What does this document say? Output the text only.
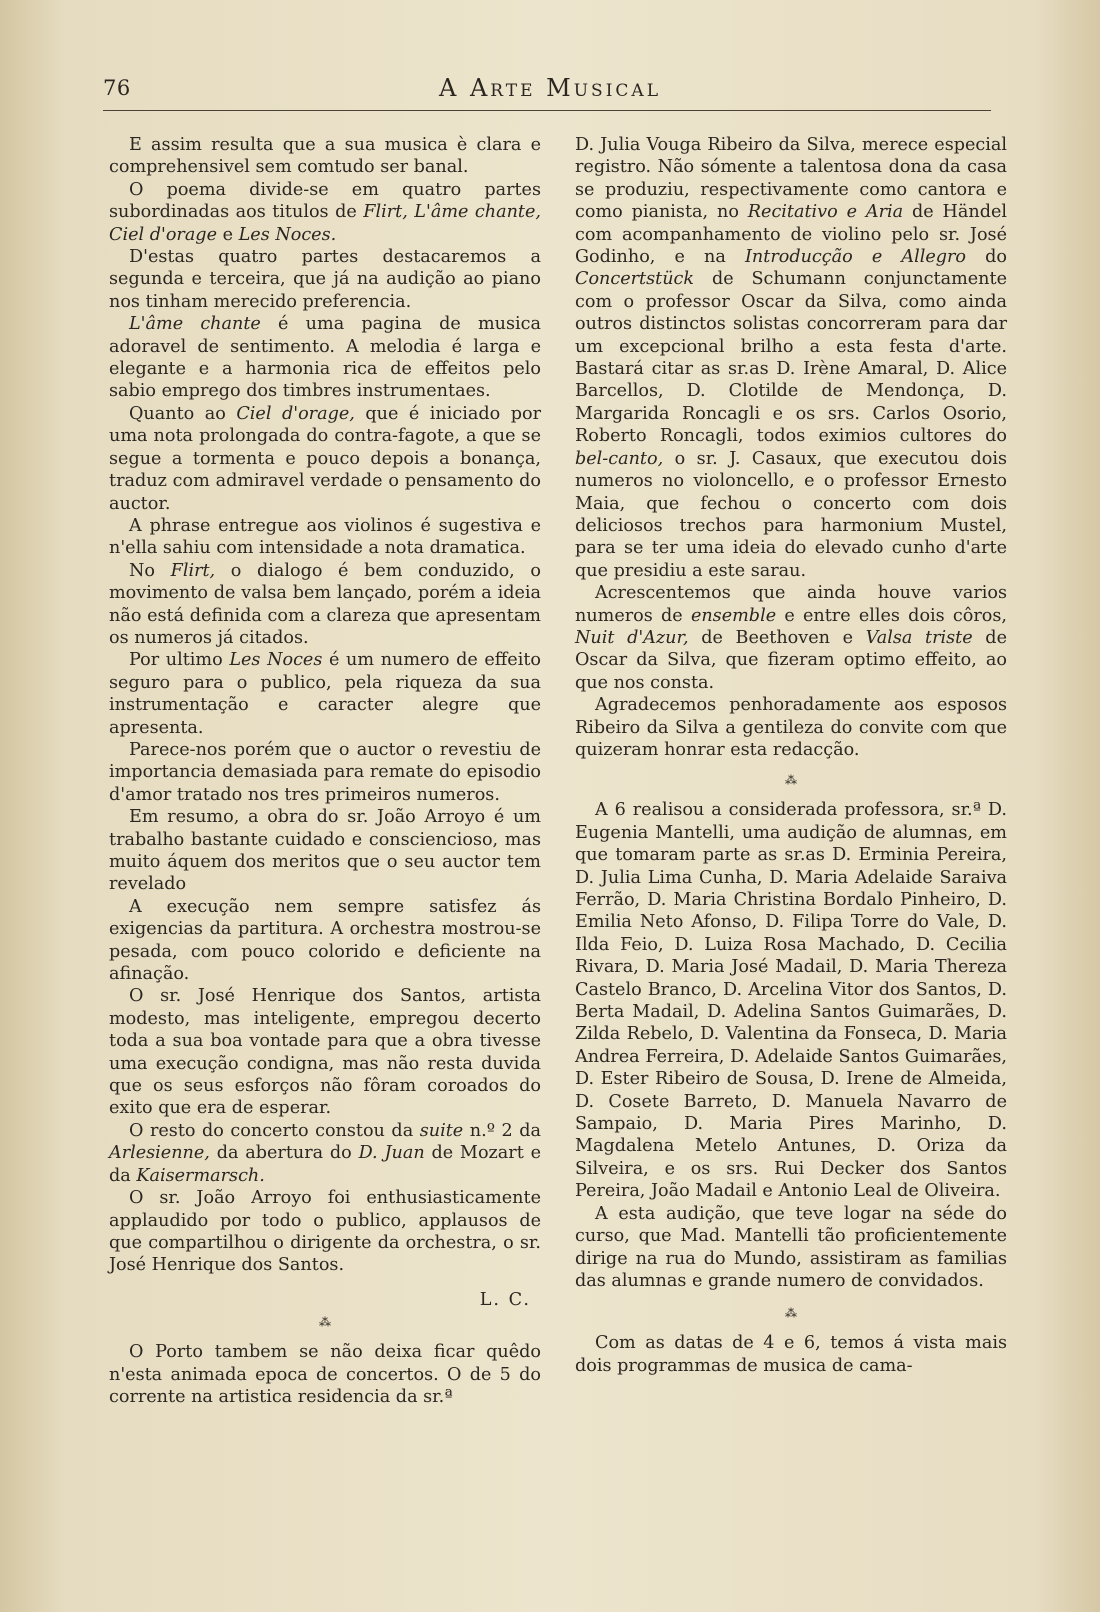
76	A Arte Musical

E assim resulta que a sua musica è clara e comprehensivel sem comtudo ser banal.

O poema divide-se em quatro partes subordinadas aos titulos de Flirt, L'âme chante, Ciel d'orage e Les Noces.

D'estas quatro partes destacaremos a segunda e terceira, que já na audição ao piano nos tinham merecido preferencia.

L'âme chante é uma pagina de musica adoravel de sentimento. A melodia é larga e elegante e a harmonia rica de effeitos pelo sabio emprego dos timbres instrumentaes.

Quanto ao Ciel d'orage, que é iniciado por uma nota prolongada do contra-fagote, a que se segue a tormenta e pouco depois a bonança, traduz com admiravel verdade o pensamento do auctor.

A phrase entregue aos violinos é sugestiva e n'ella sahiu com intensidade a nota dramatica.

No Flirt, o dialogo é bem conduzido, o movimento de valsa bem lançado, porém a ideia não está definida com a clareza que apresentam os numeros já citados.

Por ultimo Les Noces é um numero de effeito seguro para o publico, pela riqueza da sua instrumentação e caracter alegre que apresenta.

Parece-nos porém que o auctor o revestiu de importancia demasiada para remate do episodio d'amor tratado nos tres primeiros numeros.

Em resumo, a obra do sr. João Arroyo é um trabalho bastante cuidado e consciencioso, mas muito áquem dos meritos que o seu auctor tem revelado

A execução nem sempre satisfez ás exigencias da partitura. A orchestra mostrou-se pesada, com pouco colorido e deficiente na afinação.

O sr. José Henrique dos Santos, artista modesto, mas inteligente, empregou decerto toda a sua boa vontade para que a obra tivesse uma execução condigna, mas não resta duvida que os seus esforços não fôram coroados do exito que era de esperar.

O resto do concerto constou da suite n.º 2 da Arlesienne, da abertura do D. Juan de Mozart e da Kaisermarsch.

O sr. João Arroyo foi enthusiasticamente applaudido por todo o publico, applausos de que compartilhou o dirigente da orchestra, o sr. José Henrique dos Santos.

L. C.
⁂

O Porto tambem se não deixa ficar quêdo n'esta animada epoca de concertos. O de 5 do corrente na artistica residencia da sr.ª

D. Julia Vouga Ribeiro da Silva, merece especial registro. Não sómente a talentosa dona da casa se produziu, respectivamente como cantora e como pianista, no Recitativo e Aria de Händel com acompanhamento de violino pelo sr. José Godinho, e na Introducção e Allegro do Concertstück de Schumann conjunctamente com o professor Oscar da Silva, como ainda outros distinctos solistas concorreram para dar um excepcional brilho a esta festa d'arte. Bastará citar as sr.as D. Irène Amaral, D. Alice Barcellos, D. Clotilde de Mendonça, D. Margarida Roncagli e os srs. Carlos Osorio, Roberto Roncagli, todos eximios cultores do bel-canto, o sr. J. Casaux, que executou dois numeros no violoncello, e o professor Ernesto Maia, que fechou o concerto com dois deliciosos trechos para harmonium Mustel, para se ter uma ideia do elevado cunho d'arte que presidiu a este sarau.

Acrescentemos que ainda houve varios numeros de ensemble e entre elles dois côros, Nuit d'Azur, de Beethoven e Valsa triste de Oscar da Silva, que fizeram optimo effeito, ao que nos consta.

Agradecemos penhoradamente aos esposos Ribeiro da Silva a gentileza do convite com que quizeram honrar esta redacção.

⁂

A 6 realisou a considerada professora, sr.ª D. Eugenia Mantelli, uma audição de alumnas, em que tomaram parte as sr.as D. Erminia Pereira, D. Julia Lima Cunha, D. Maria Adelaide Saraiva Ferrão, D. Maria Christina Bordalo Pinheiro, D. Emilia Neto Afonso, D. Filipa Torre do Vale, D. Ilda Feio, D. Luiza Rosa Machado, D. Cecilia Rivara, D. Maria José Madail, D. Maria Thereza Castelo Branco, D. Arcelina Vitor dos Santos, D. Berta Madail, D. Adelina Santos Guimarães, D. Zilda Rebelo, D. Valentina da Fonseca, D. Maria Andrea Ferreira, D. Adelaide Santos Guimarães, D. Ester Ribeiro de Sousa, D. Irene de Almeida, D. Cosete Barreto, D. Manuela Navarro de Sampaio, D. Maria Pires Marinho, D. Magdalena Metelo Antunes, D. Oriza da Silveira, e os srs. Rui Decker dos Santos Pereira, João Madail e Antonio Leal de Oliveira.

A esta audição, que teve logar na séde do curso, que Mad. Mantelli tão proficientemente dirige na rua do Mundo, assistiram as familias das alumnas e grande numero de convidados.

⁂

Com as datas de 4 e 6, temos á vista mais dois programmas de musica de cama-
